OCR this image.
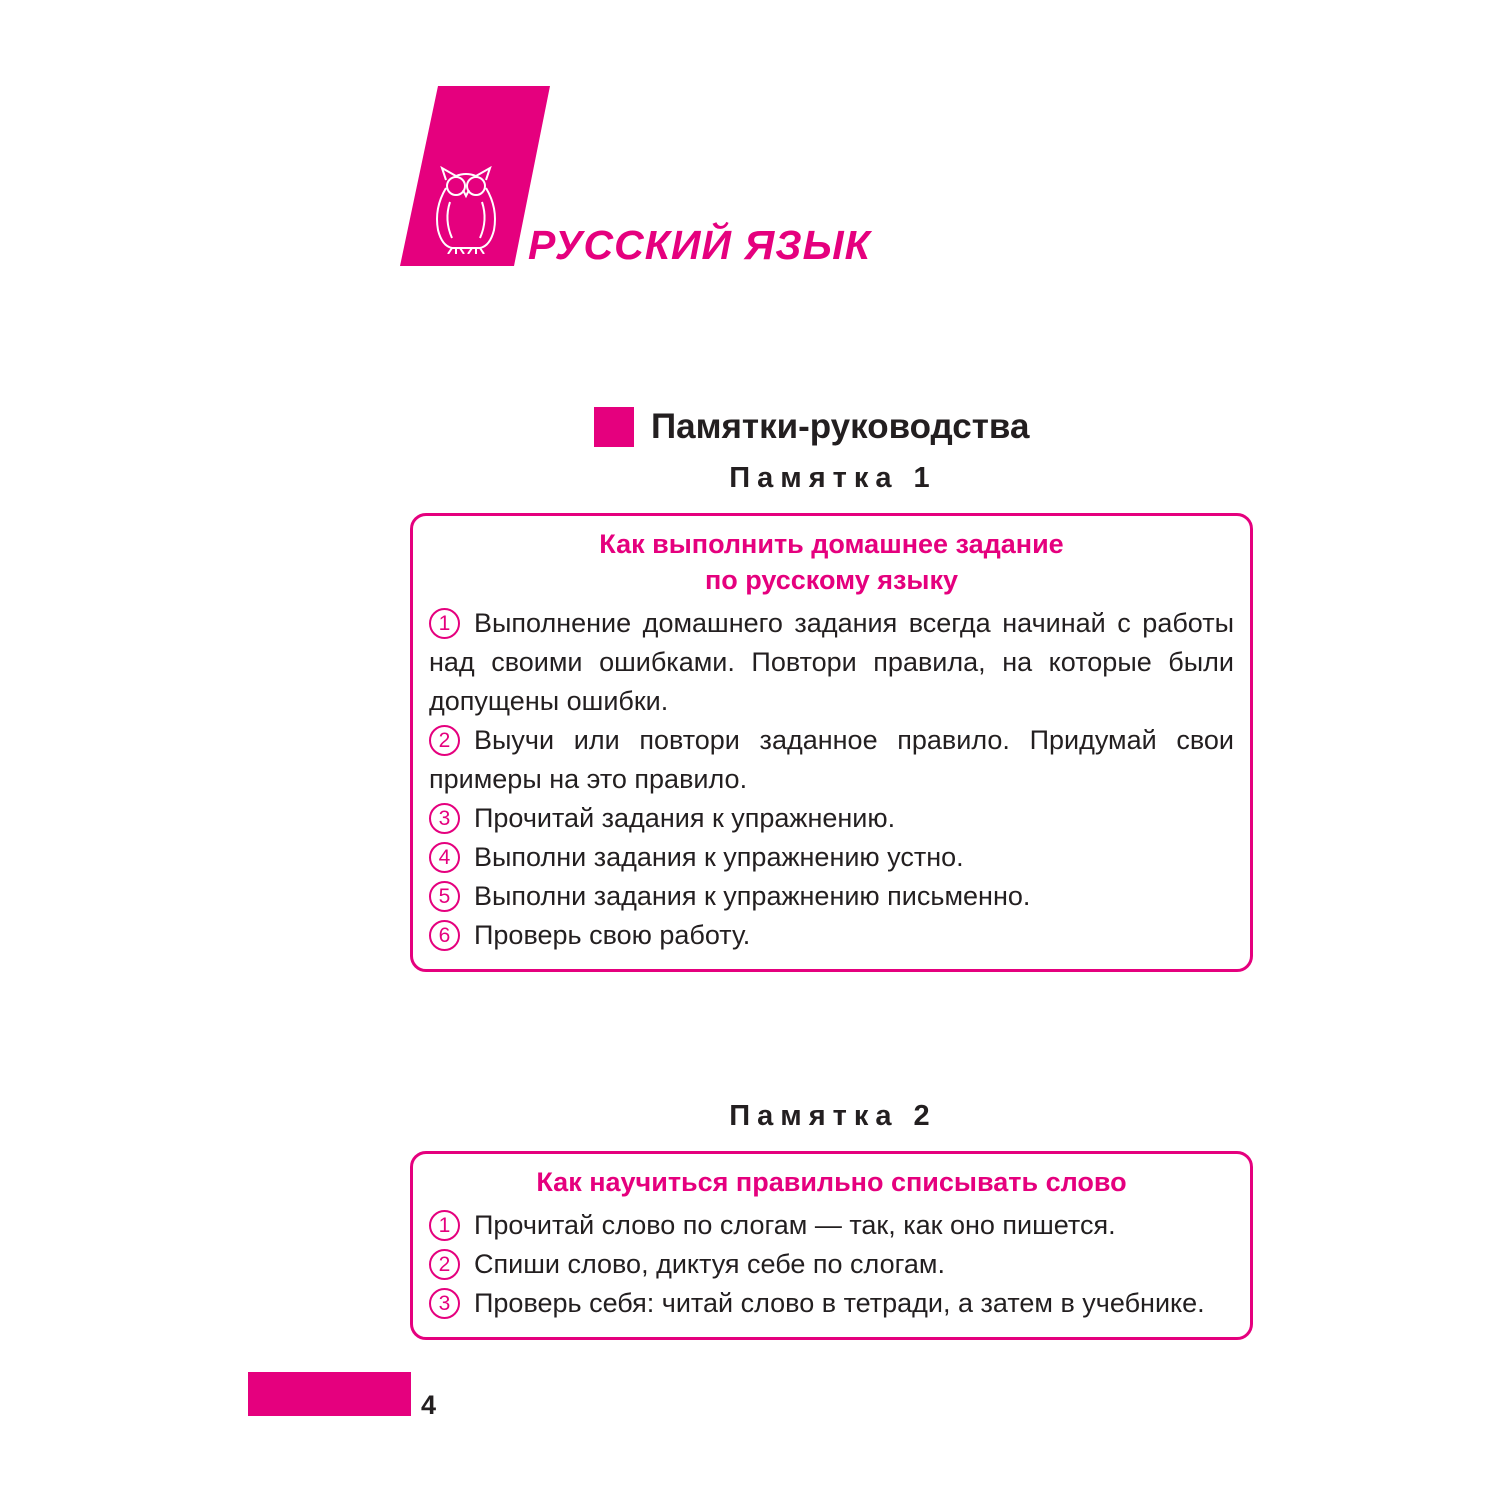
РУССКИЙ ЯЗЫК
Памятки-руководства
Памятка 1
Как выполнить домашнее задание
по русскому языку
1 Выполнение домашнего задания всегда начинай с работы над своими ошибками. Повтори правила, на которые были допущены ошибки.
2 Выучи или повтори заданное правило. Придумай свои примеры на это правило.
3 Прочитай задания к упражнению.
4 Выполни задания к упражнению устно.
5 Выполни задания к упражнению письменно.
6 Проверь свою работу.
Памятка 2
Как научиться правильно списывать слово
1 Прочитай слово по слогам — так, как оно пишется.
2 Спиши слово, диктуя себе по слогам.
3 Проверь себя: читай слово в тетради, а затем в учебнике.
4
